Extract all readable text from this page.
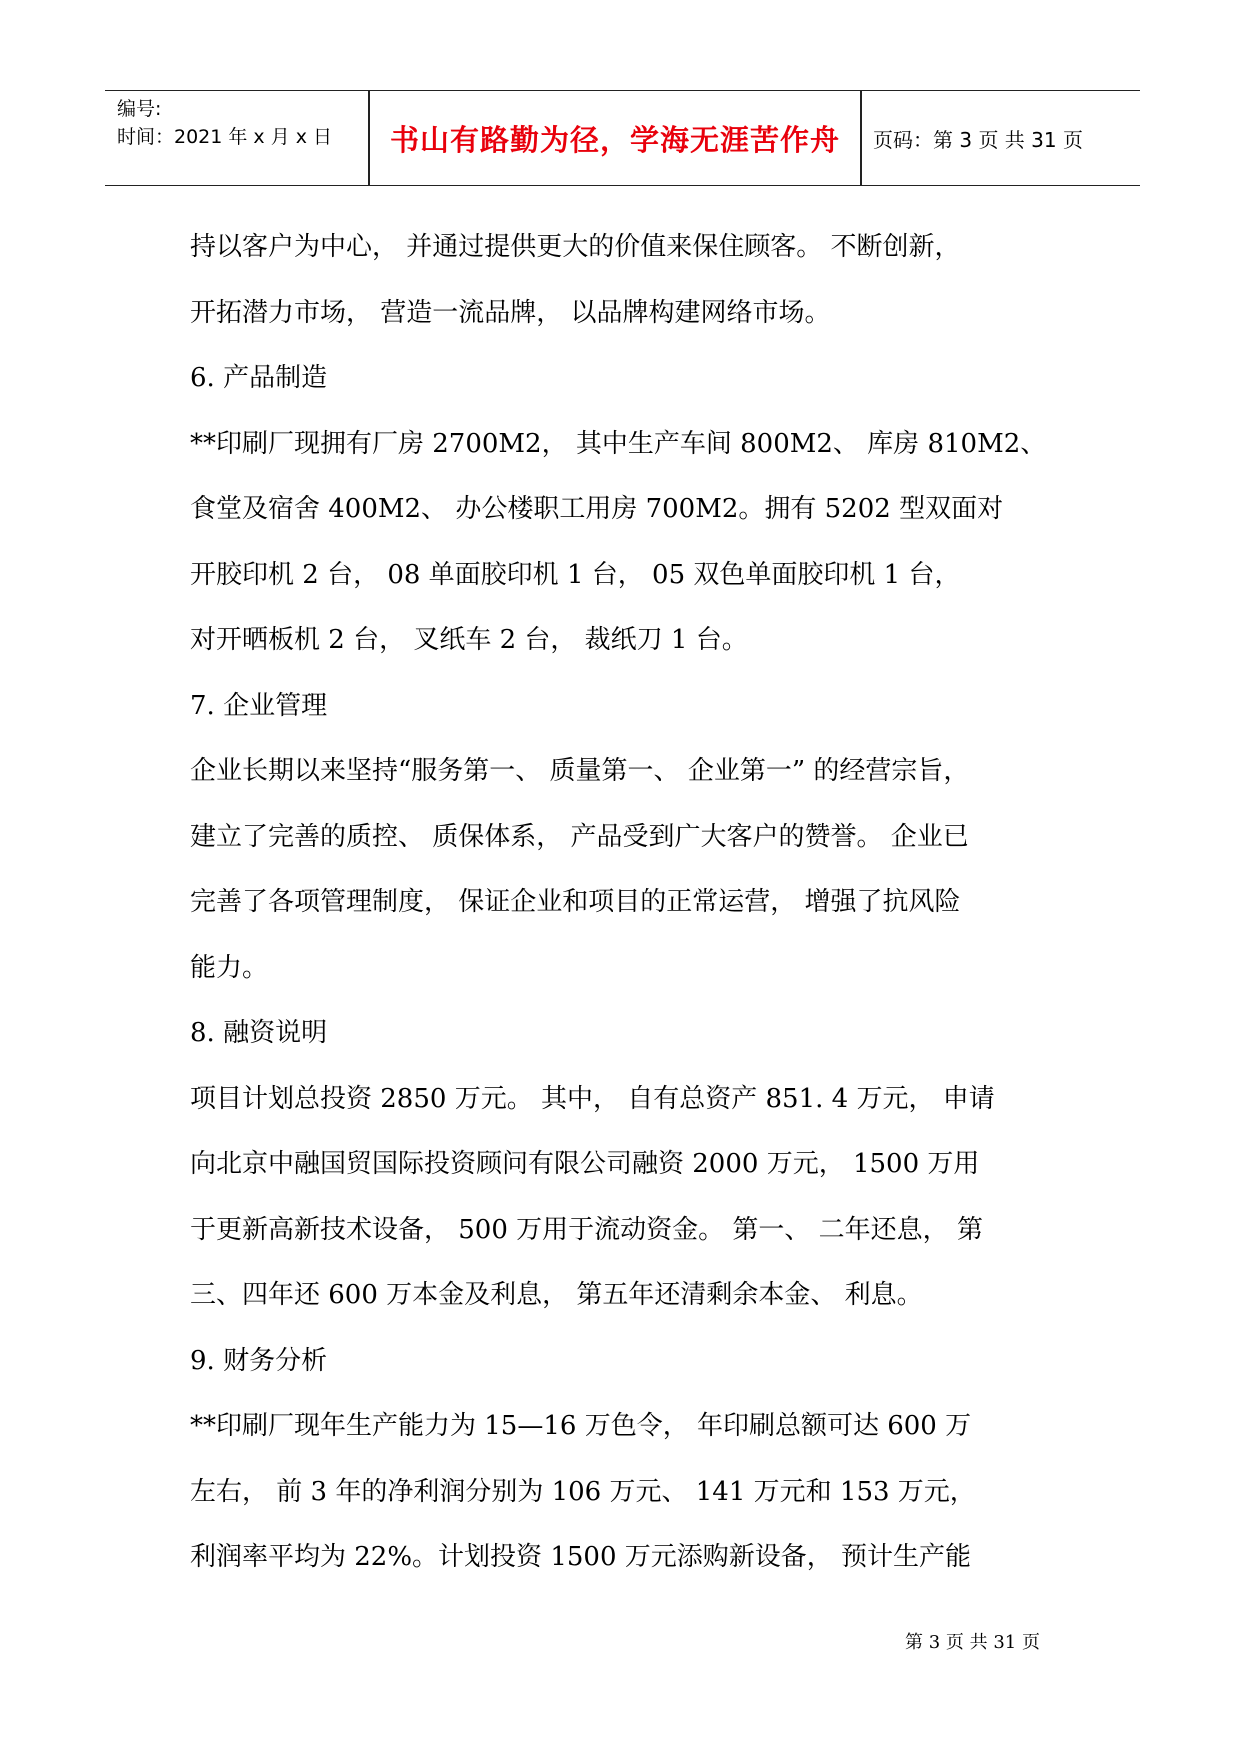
编号:
时间：2021 年 x 月 x 日	书山有路勤为径，学海无涯苦作舟	页码：第 3 页 共 31 页

持以客户为中心， 并通过提供更大的价值来保住顾客。 不断创新，

开拓潜力市场， 营造一流品牌， 以品牌构建网络市场。

6. 产品制造

**印刷厂现拥有厂房 2700M2， 其中生产车间 800M2、 库房 810M2、

食堂及宿舍 400M2、 办公楼职工用房 700M2。拥有 5202 型双面对

开胶印机 2 台， 08 单面胶印机 1 台， 05 双色单面胶印机 1 台，

对开晒板机 2 台， 叉纸车 2 台， 裁纸刀 1 台。

7. 企业管理

企业长期以来坚持“服务第一、 质量第一、 企业第一” 的经营宗旨，

建立了完善的质控、 质保体系， 产品受到广大客户的赞誉。 企业已

完善了各项管理制度， 保证企业和项目的正常运营， 增强了抗风险

能力。

8. 融资说明

项目计划总投资 2850 万元。 其中， 自有总资产 851. 4 万元， 申请

向北京中融国贸国际投资顾问有限公司融资 2000 万元， 1500 万用

于更新高新技术设备， 500 万用于流动资金。 第一、 二年还息， 第

三、四年还 600 万本金及利息， 第五年还清剩余本金、 利息。

9. 财务分析

**印刷厂现年生产能力为 15—16 万色令， 年印刷总额可达 600 万

左右， 前 3 年的净利润分别为 106 万元、 141 万元和 153 万元，

利润率平均为 22%。计划投资 1500 万元添购新设备， 预计生产能

第 3 页 共 31 页
